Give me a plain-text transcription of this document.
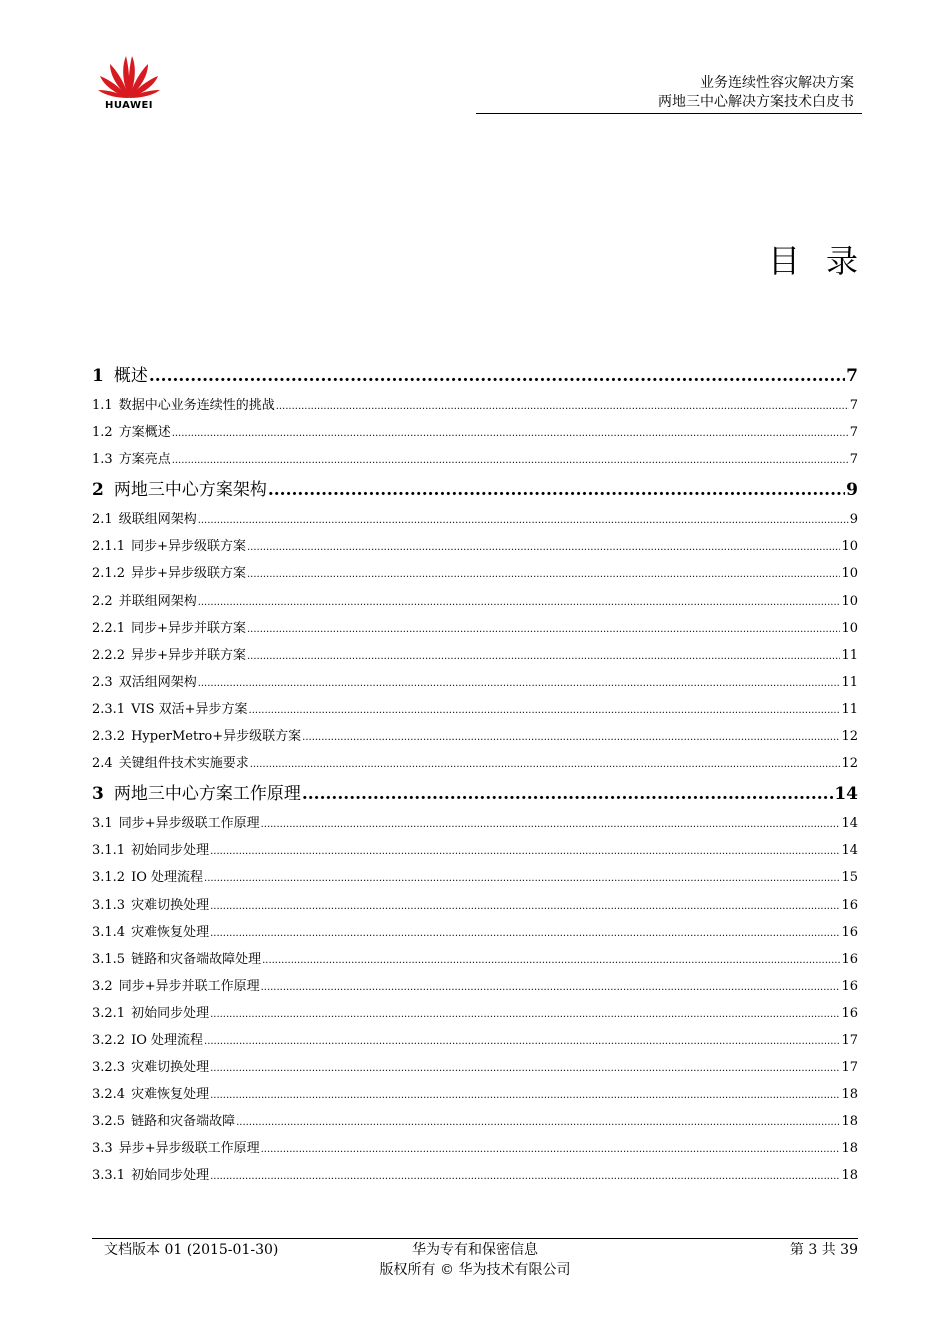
HUAWEI
业务连续性容灾解决方案
两地三中心解决方案技术白皮书
目录
1 概述 .....	7
1.1 数据中心业务连续性的挑战 .....	7
1.2 方案概述 .....	7
1.3 方案亮点 .....	7
2 两地三中心方案架构 .....	9
2.1 级联组网架构 .....	9
2.1.1 同步+异步级联方案 .....	10
2.1.2 异步+异步级联方案 .....	10
2.2 并联组网架构 .....	10
2.2.1 同步+异步并联方案 .....	10
2.2.2 异步+异步并联方案 .....	11
2.3 双活组网架构 .....	11
2.3.1 VIS 双活+异步方案 .....	11
2.3.2 HyperMetro+异步级联方案 .....	12
2.4 关键组件技术实施要求 .....	12
3 两地三中心方案工作原理 .....	14
3.1 同步+异步级联工作原理 .....	14
3.1.1 初始同步处理 .....	14
3.1.2 IO 处理流程 .....	15
3.1.3 灾难切换处理 .....	16
3.1.4 灾难恢复处理 .....	16
3.1.5 链路和灾备端故障处理 .....	16
3.2 同步+异步并联工作原理 .....	16
3.2.1 初始同步处理 .....	16
3.2.2 IO 处理流程 .....	17
3.2.3 灾难切换处理 .....	17
3.2.4 灾难恢复处理 .....	18
3.2.5 链路和灾备端故障 .....	18
3.3 异步+异步级联工作原理 .....	18
3.3.1 初始同步处理 .....	18
文档版本 01 (2015-01-30)	华为专有和保密信息
版权所有 © 华为技术有限公司
第 3 共 39
